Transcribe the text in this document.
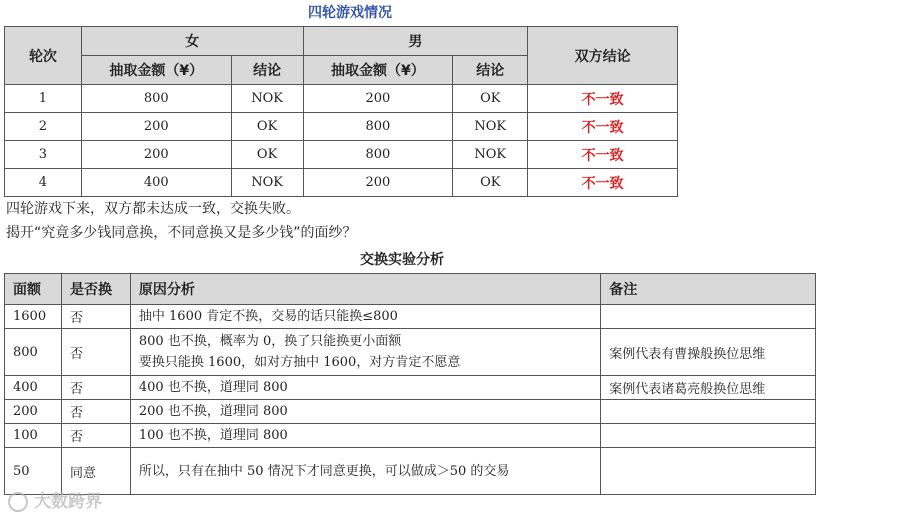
四轮游戏情况
轮次	女		男		双方结论
	抽取金额（¥）	结论	抽取金额（¥）	结论	
1	800	NOK	200	OK	不一致
2	200	OK	800	NOK	不一致
3	200	OK	800	NOK	不一致
4	400	NOK	200	OK	不一致
四轮游戏下来，双方都未达成一致，交换失败。
揭开“究竟多少钱同意换，不同意换又是多少钱”的面纱？
交换实验分析
面额	是否换	原因分析	备注
1600	否	抽中 1600 肯定不换，交易的话只能换≤800	

800	否	800 也不换，概率为 0，换了只能换更小面额
要换只能换 1600，如对方抽中 1600，对方肯定不愿意	案例代表有曹操般换位思维
400	否	400 也不换，道理同 800	案例代表诸葛亮般换位思维
200	否	200 也不换，道理同 800	

100	否	100 也不换，道理同 800	

50	同意	所以，只有在抽中 50 情况下才同意更换，可以做成＞50 的交易	

大数跨界
